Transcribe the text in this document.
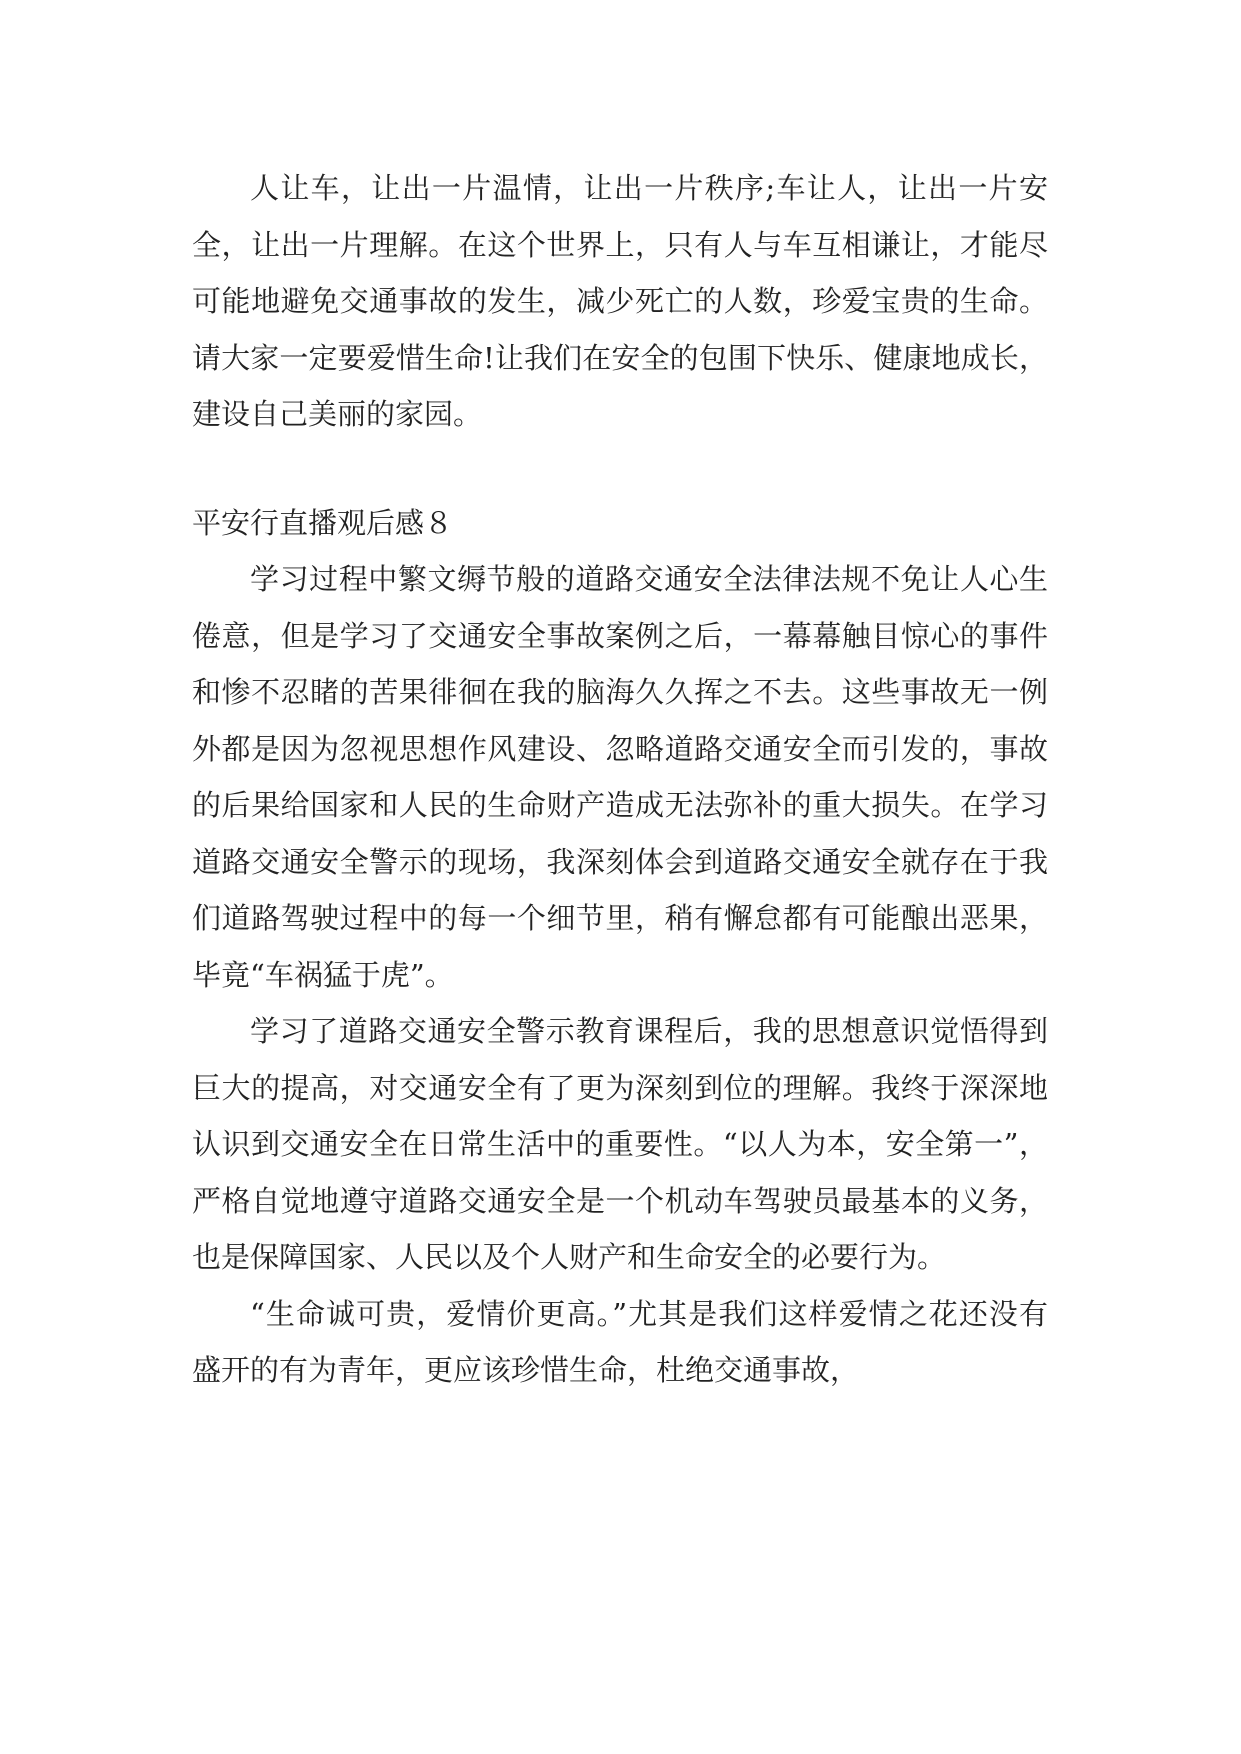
人让车，让出一片温情，让出一片秩序;车让人，让出一片安全，让出一片理解。在这个世界上，只有人与车互相谦让，才能尽可能地避免交通事故的发生，减少死亡的人数，珍爱宝贵的生命。请大家一定要爱惜生命!让我们在安全的包围下快乐、健康地成长，建设自己美丽的家园。

平安行直播观后感８

学习过程中繁文缛节般的道路交通安全法律法规不免让人心生倦意，但是学习了交通安全事故案例之后，一幕幕触目惊心的事件和惨不忍睹的苦果徘徊在我的脑海久久挥之不去。这些事故无一例外都是因为忽视思想作风建设、忽略道路交通安全而引发的，事故的后果给国家和人民的生命财产造成无法弥补的重大损失。在学习道路交通安全警示的现场，我深刻体会到道路交通安全就存在于我们道路驾驶过程中的每一个细节里，稍有懈怠都有可能酿出恶果，毕竟“车祸猛于虎”。

学习了道路交通安全警示教育课程后，我的思想意识觉悟得到巨大的提高，对交通安全有了更为深刻到位的理解。我终于深深地认识到交通安全在日常生活中的重要性。“以人为本，安全第一”，严格自觉地遵守道路交通安全是一个机动车驾驶员最基本的义务，也是保障国家、人民以及个人财产和生命安全的必要行为。

“生命诚可贵，爱情价更高。”尤其是我们这样爱情之花还没有盛开的有为青年，更应该珍惜生命，杜绝交通事故，
